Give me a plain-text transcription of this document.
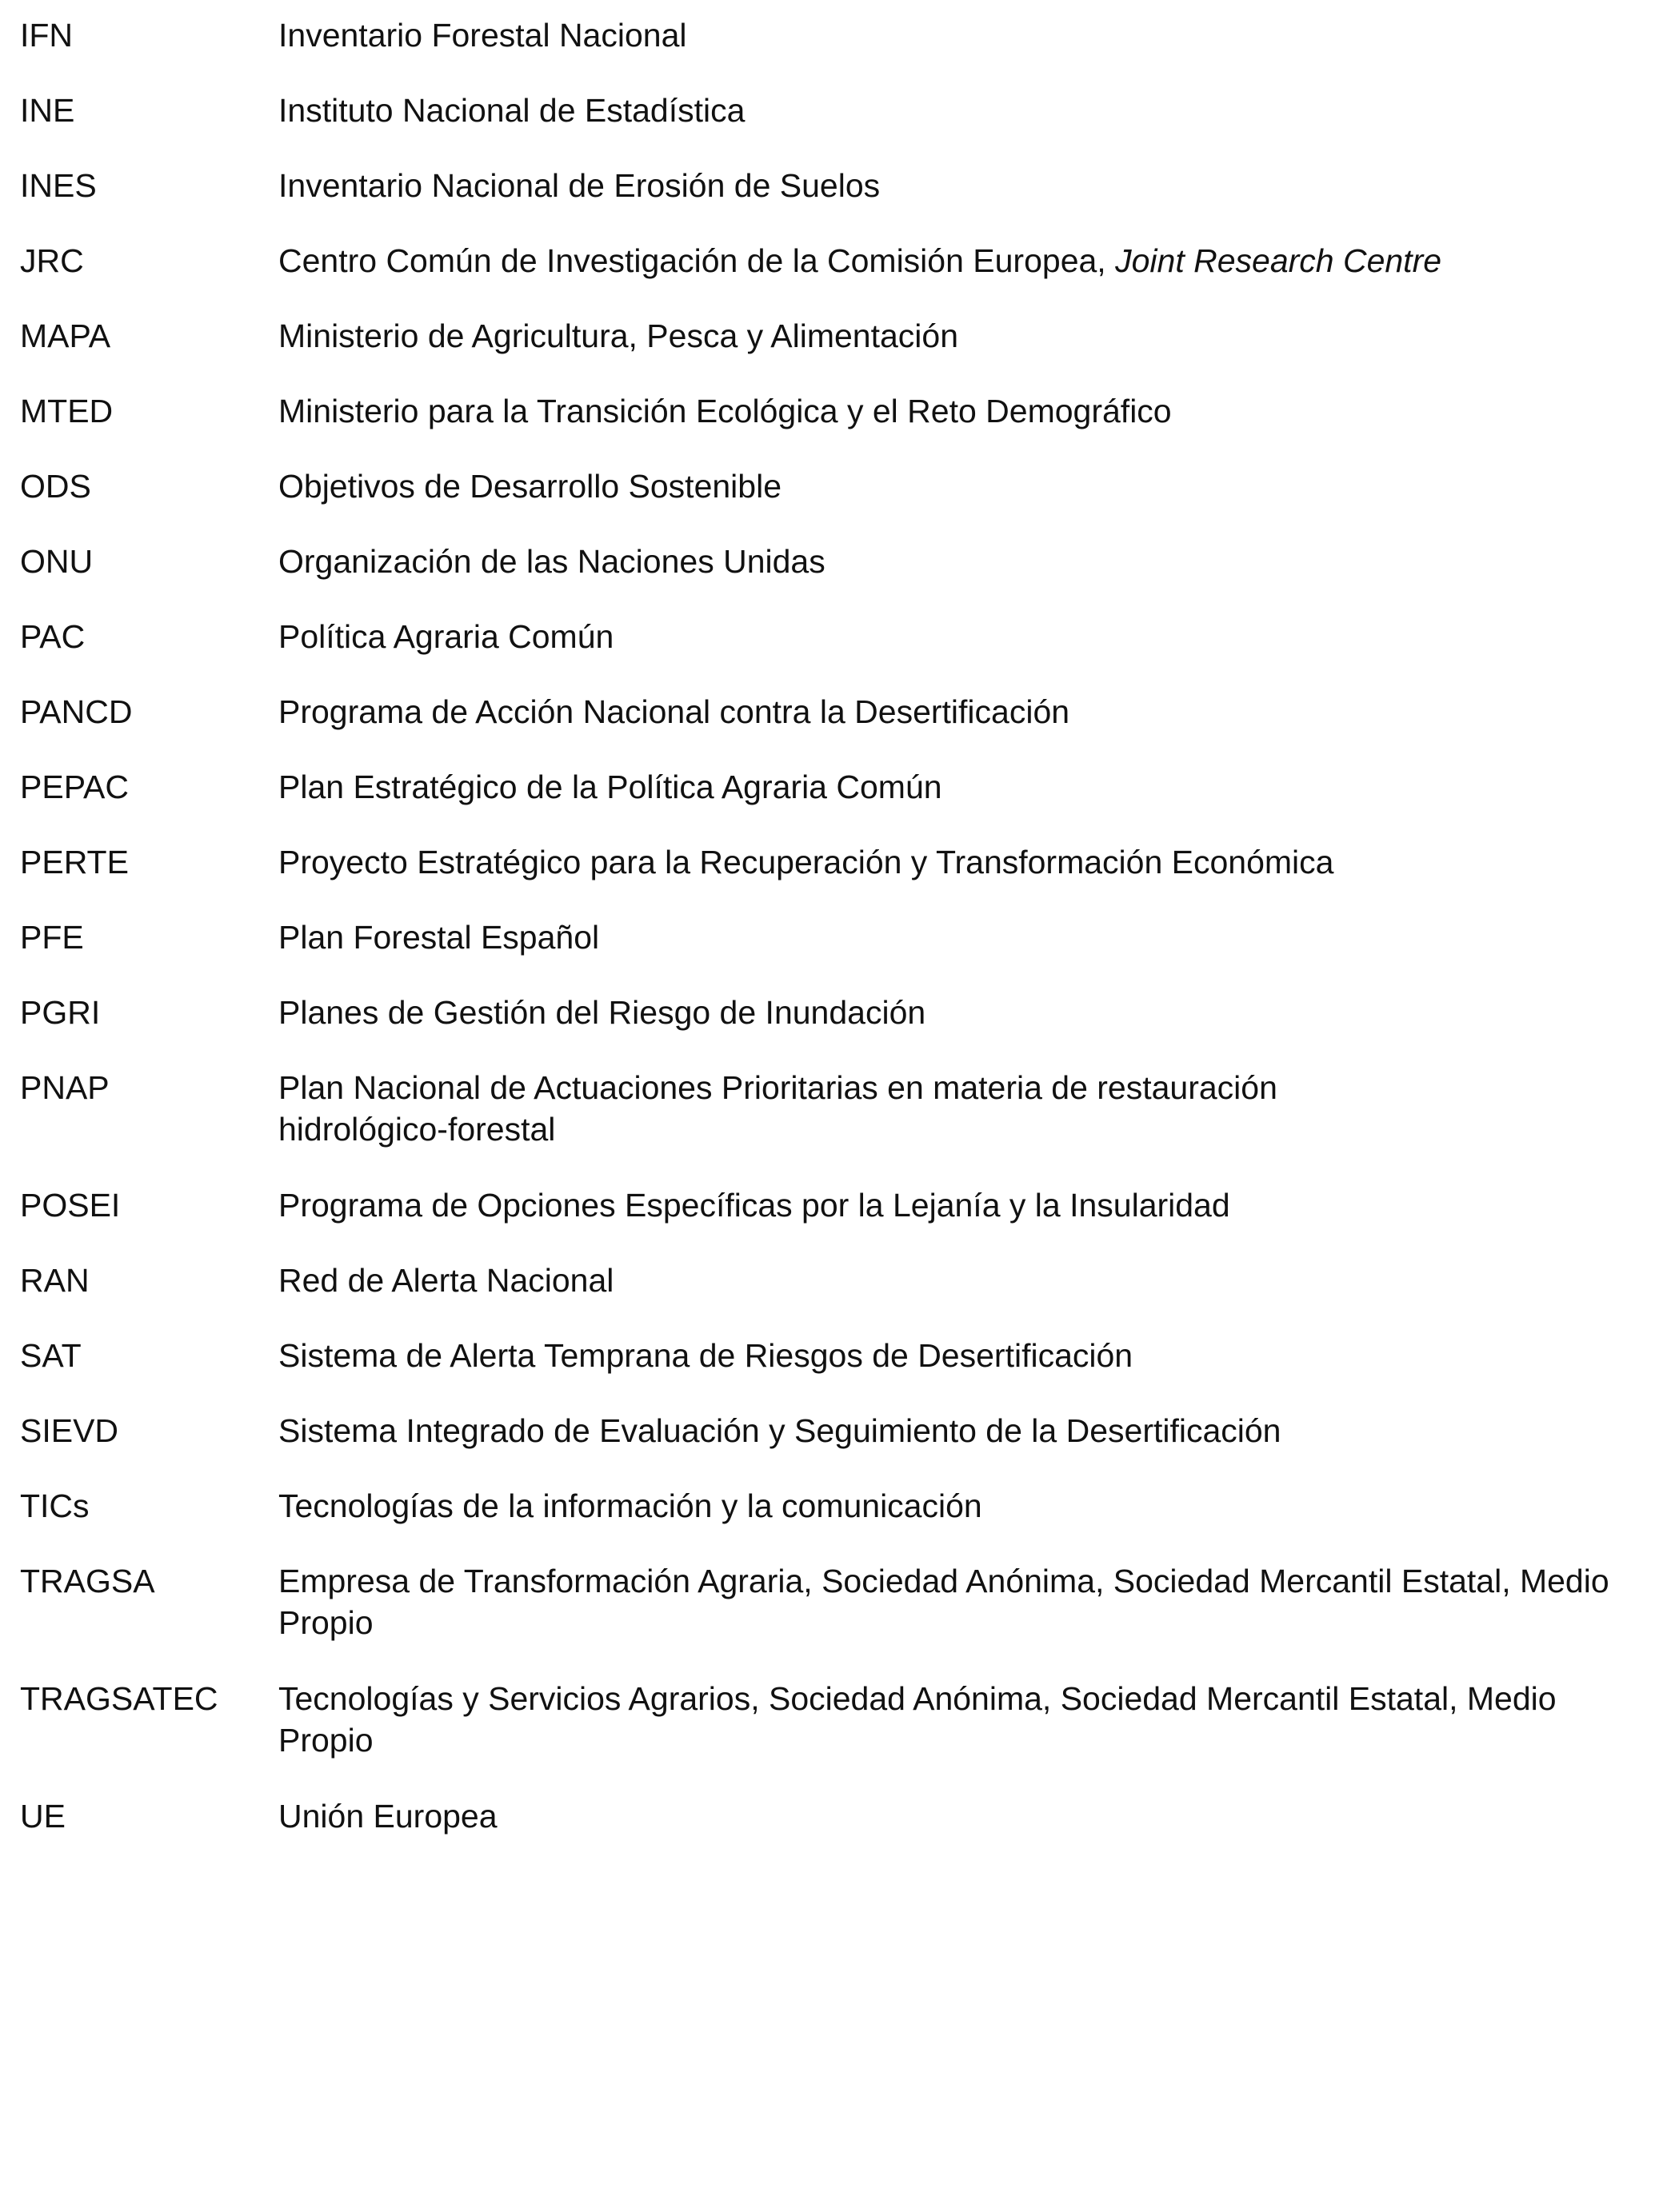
IFN	Inventario Forestal Nacional
INE	Instituto Nacional de Estadística
INES	Inventario Nacional de Erosión de Suelos
JRC	Centro Común de Investigación de la Comisión Europea, Joint Research Centre
MAPA	Ministerio de Agricultura, Pesca y Alimentación
MTED	Ministerio para la Transición Ecológica y el Reto Demográfico
ODS	Objetivos de Desarrollo Sostenible
ONU	Organización de las Naciones Unidas
PAC	Política Agraria Común
PANCD	Programa de Acción Nacional contra la Desertificación
PEPAC	Plan Estratégico de la Política Agraria Común
PERTE	Proyecto Estratégico para la Recuperación y Transformación Económica
PFE	Plan Forestal Español
PGRI	Planes de Gestión del Riesgo de Inundación
PNAP	Plan Nacional de Actuaciones Prioritarias en materia de restauración hidrológico-forestal
POSEI	Programa de Opciones Específicas por la Lejanía y la Insularidad
RAN	Red de Alerta Nacional
SAT	Sistema de Alerta Temprana de Riesgos de Desertificación
SIEVD	Sistema Integrado de Evaluación y Seguimiento de la Desertificación
TICs	Tecnologías de la información y la comunicación
TRAGSA	Empresa de Transformación Agraria, Sociedad Anónima, Sociedad Mercantil Estatal, Medio Propio
TRAGSATEC Tecnologías y Servicios Agrarios, Sociedad Anónima, Sociedad Mercantil Estatal, Medio Propio
UE	Unión Europea
